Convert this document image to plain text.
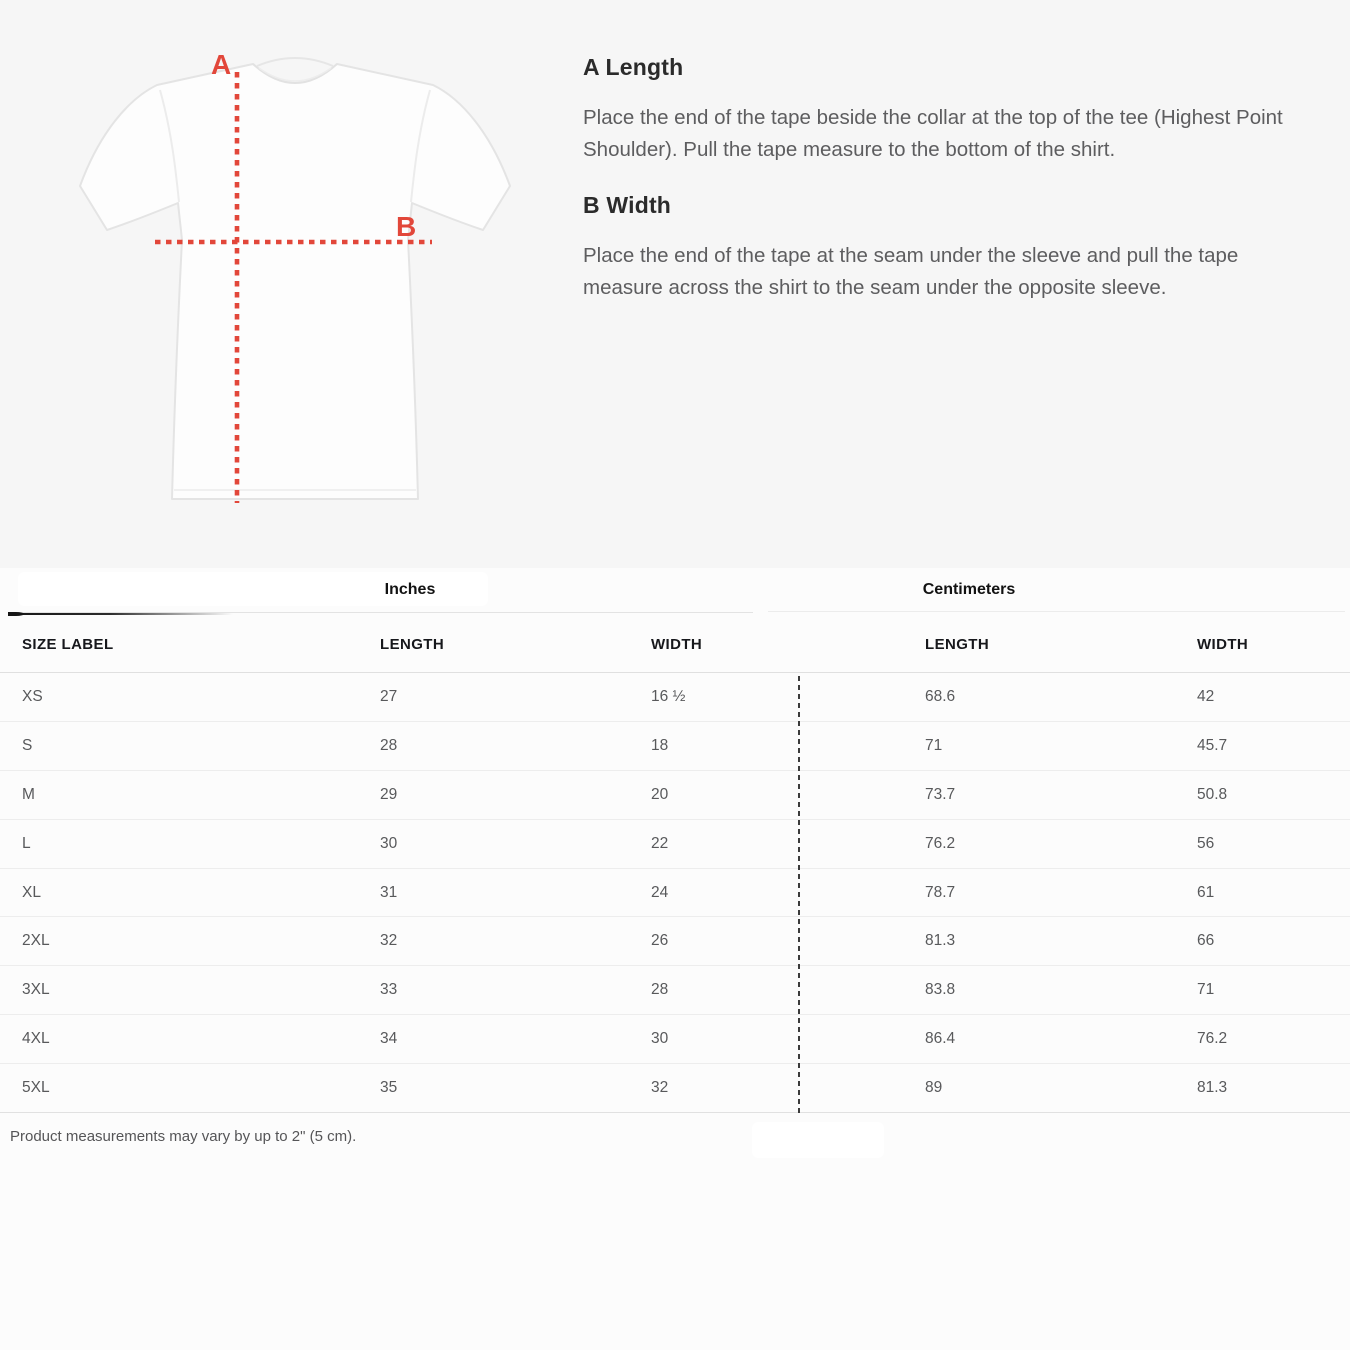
A
B
A Length

Place the end of the tape beside the collar at the top of the tee (Highest Point Shoulder). Pull the tape measure to the bottom of the shirt.

B Width

Place the end of the tape at the seam under the sleeve and pull the tape measure across the shirt to the seam under the opposite sleeve.

Inches	Centimeters
SIZE LABEL	LENGTH	WIDTH	LENGTH	WIDTH
XS	27	16 ½	68.6	42
S	28	18	71	45.7
M	29	20	73.7	50.8
L	30	22	76.2	56
XL	31	24	78.7	61
2XL	32	26	81.3	66
3XL	33	28	83.8	71
4XL	34	30	86.4	76.2
5XL	35	32	89	81.3
Product measurements may vary by up to 2" (5 cm).
